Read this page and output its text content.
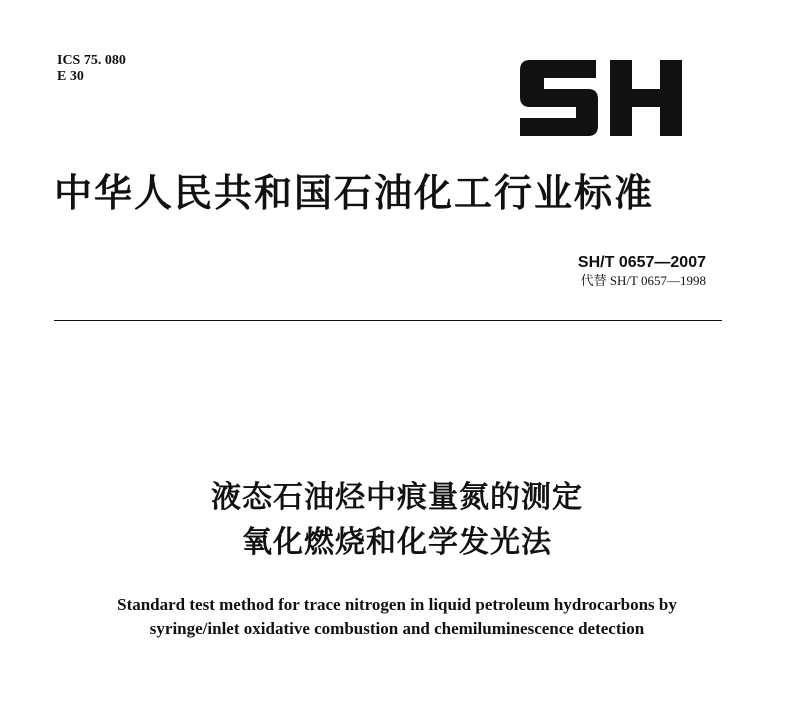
ICS 75. 080
E 30
中华人民共和国石油化工行业标准
SH/T 0657—2007
代替 SH/T 0657—1998
液态石油烃中痕量氮的测定
氧化燃烧和化学发光法
Standard test method for trace nitrogen in liquid petroleum hydrocarbons by
syringe/inlet oxidative combustion and chemiluminescence detection
